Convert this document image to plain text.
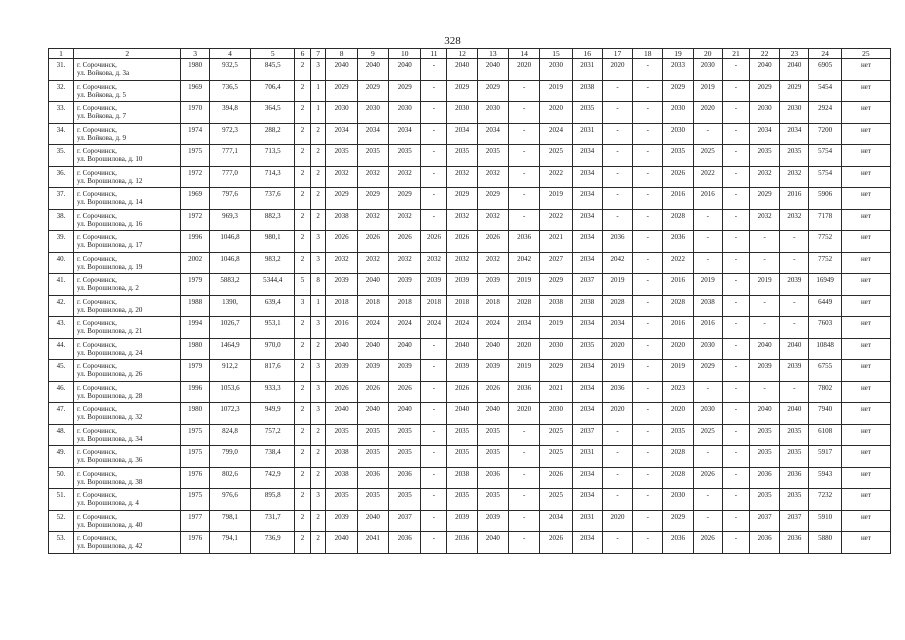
328
1	2	3	4	5	6	7	8	9	10	11	12	13	14	15	16	17	18	19	20	21	22	23	24	25
31.	г. Сорочинск,
ул. Войкова, д. 3а	1980	932,5	845,5	2	3	2040	2040	2040	-	2040	2040	2020	2030	2031	2020	-	2033	2030	-	2040	2040	6905	нет
32.	г. Сорочинск,
ул. Войкова, д. 5	1969	736,5	706,4	2	1	2029	2029	2029	-	2029	2029	-	2019	2038	-	-	2029	2019	-	2029	2029	5454	нет
33.	г. Сорочинск,
ул. Войкова, д. 7	1970	394,8	364,5	2	1	2030	2030	2030	-	2030	2030	-	2020	2035	-	-	2030	2020	-	2030	2030	2924	нет
34.	г. Сорочинск,
ул. Войкова, д. 9	1974	972,3	288,2	2	2	2034	2034	2034	-	2034	2034	-	2024	2031	-	-	2030	-	-	2034	2034	7200	нет
35.	г. Сорочинск,
ул. Ворошилова, д. 10	1975	777,1	713,5	2	2	2035	2035	2035	-	2035	2035	-	2025	2034	-	-	2035	2025	-	2035	2035	5754	нет
36.	г. Сорочинск,
ул. Ворошилова, д. 12	1972	777,0	714,3	2	2	2032	2032	2032	-	2032	2032	-	2022	2034	-	-	2026	2022	-	2032	2032	5754	нет
37.	г. Сорочинск,
ул. Ворошилова, д. 14	1969	797,6	737,6	2	2	2029	2029	2029	-	2029	2029	-	2019	2034	-	-	2016	2016	-	2029	2016	5906	нет
38.	г. Сорочинск,
ул. Ворошилова, д. 16	1972	969,3	882,3	2	2	2038	2032	2032	-	2032	2032	-	2022	2034	-	-	2028	-	-	2032	2032	7178	нет
39.	г. Сорочинск,
ул. Ворошилова, д. 17	1996	1046,8	980,1	2	3	2026	2026	2026	2026	2026	2026	2036	2021	2034	2036	-	2036	-	-	-	-	7752	нет
40.	г. Сорочинск,
ул. Ворошилова, д. 19	2002	1046,8	983,2	2	3	2032	2032	2032	2032	2032	2032	2042	2027	2034	2042	-	2022	-	-	-	-	7752	нет
41.	г. Сорочинск,
ул. Ворошилова, д. 2	1979	5883,2	5344,4	5	8	2039	2040	2039	2039	2039	2039	2019	2029	2037	2019	-	2016	2019	-	2019	2039	16949	нет
42.	г. Сорочинск,
ул. Ворошилова, д. 20	1988	1390,	639,4	3	1	2018	2018	2018	2018	2018	2018	2028	2038	2038	2028	-	2028	2038	-	-	-	6449	нет
43.	г. Сорочинск,
ул. Ворошилова, д. 21	1994	1026,7	953,1	2	3	2016	2024	2024	2024	2024	2024	2034	2019	2034	2034	-	2016	2016	-	-	-	7603	нет
44.	г. Сорочинск,
ул. Ворошилова, д. 24	1980	1464,9	970,0	2	2	2040	2040	2040	-	2040	2040	2020	2030	2035	2020	-	2020	2030	-	2040	2040	10848	нет
45.	г. Сорочинск,
ул. Ворошилова, д. 26	1979	912,2	817,6	2	3	2039	2039	2039	-	2039	2039	2019	2029	2034	2019	-	2019	2029	-	2039	2039	6755	нет
46.	г. Сорочинск,
ул. Ворошилова, д. 28	1996	1053,6	933,3	2	3	2026	2026	2026	-	2026	2026	2036	2021	2034	2036	-	2023	-	-	-	-	7802	нет
47.	г. Сорочинск,
ул. Ворошилова, д. 32	1980	1072,3	949,9	2	3	2040	2040	2040	-	2040	2040	2020	2030	2034	2020	-	2020	2030	-	2040	2040	7940	нет
48.	г. Сорочинск,
ул. Ворошилова, д. 34	1975	824,8	757,2	2	2	2035	2035	2035	-	2035	2035	-	2025	2037	-	-	2035	2025	-	2035	2035	6108	нет
49.	г. Сорочинск,
ул. Ворошилова, д. 36	1975	799,0	738,4	2	2	2038	2035	2035	-	2035	2035	-	2025	2031	-	-	2028	-	-	2035	2035	5917	нет
50.	г. Сорочинск,
ул. Ворошилова, д. 38	1976	802,6	742,9	2	2	2038	2036	2036	-	2038	2036	-	2026	2034	-	-	2028	2026	-	2036	2036	5943	нет
51.	г. Сорочинск,
ул. Ворошилова, д. 4	1975	976,6	895,8	2	3	2035	2035	2035	-	2035	2035	-	2025	2034	-	-	2030	-	-	2035	2035	7232	нет
52.	г. Сорочинск,
ул. Ворошилова, д. 40	1977	798,1	731,7	2	2	2039	2040	2037	-	2039	2039	-	2034	2031	2020	-	2029	-	-	2037	2037	5910	нет
53.	г. Сорочинск,
ул. Ворошилова, д. 42	1976	794,1	736,9	2	2	2040	2041	2036	-	2036	2040	-	2026	2034	-	-	2036	2026	-	2036	2036	5880	нет
